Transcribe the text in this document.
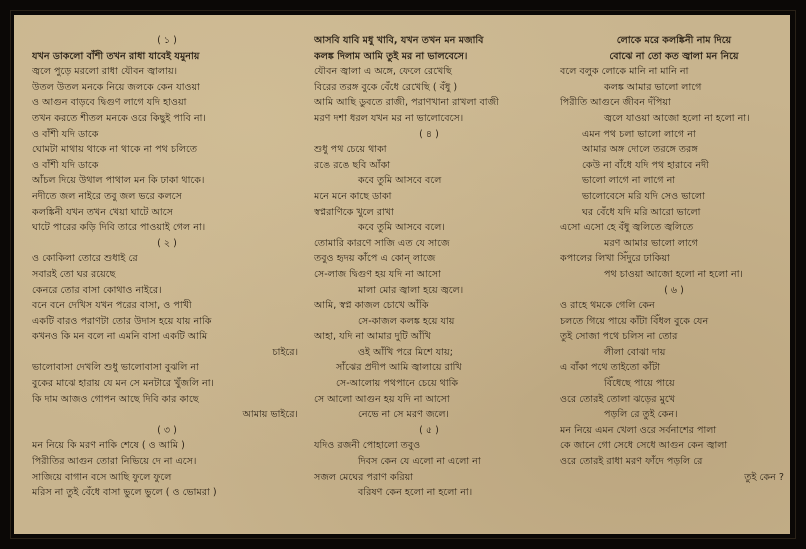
( ১ )
যখন ডাকলো বাঁশী তখন রাধা যাবেই যমুনায়
জ্বলে পুড়ে মরলো রাধা যৌবন জ্বালায়।
উতল উতল মনকে নিয়ে জলকে কেন যাওয়া
ও আগুন বাড়বে দ্বিগুণ লাগে যদি হাওয়া
তখন করতে শীতল মনকে ওরে কিছুই পাবি না।
ও বাঁশী যদি ডাকে
ঘোমটা মাথায় থাকে না থাকে না পথ চলিতে
ও বাঁশী যদি ডাকে
আঁচল দিয়ে উথাল পাথাল মন কি ঢাকা থাকে।
নদীতে জল নাইরে তবু জল ভরে কলসে
কলঙ্কিনী যখন তখন খেয়া ঘাটে আসে
ঘাটে পারের কড়ি দিবি তারে পাওয়াই গেল না।
( ২ )
ও কোকিলা তোরে শুধাই রে
সবারই তো ঘর রয়েছে
কেনরে তোর বাসা কোথাও নাইরে।
বনে বনে দেখিস যখন পরের বাসা, ও পাখী
একটি বারও পরাণটা তোর উদাস হয়ে যায় নাকি
কখনও কি মন বলে না এমনি বাসা একটি আমি
চাইরে।
ভালোবাসা দেখলি শুধু ভালোবাসা বুঝলি না
বুকের মাঝে হারায় যে মন সে মনটারে খুঁজলি না।
কি দাম আজও গোপন আছে দিবি কার কাছে
আমায় ভাইরে।
( ৩ )
মন নিয়ে কি মরণ নাকি শেষে ( ও আমি )
পিরীতির আগুন তোরা নিভিয়ে দে না এসে।
সাজিয়ে বাগান বসে আছি ফুলে ফুলে
মরিস না তুই বেঁধে বাসা ভুলে ভুলে ( ও ভোমরা )
আসবি যাবি মধু খাবি, যখন তখন মন মজাবি
কলঙ্ক দিলাম আমি তুই মর না ভালবেসে।
যৌবন জ্বালা এ অঙ্গে, ফেলে রেখেছি
বিরের তরঙ্গ বুকে বেঁধে রেখেছি ( বঁধু )
আমি আছি ডুবতে রাজী, পরাণখানা রাখলা বাজী
মরণ দশা ধরল যখন মর না ভালোবেসে।
( ৪ )
শুধু পথ চেয়ে থাকা
রঙে রঙে ছবি আঁকা
কবে তুমি আসবে বলে
মনে মনে কাছে ডাকা
স্বপ্নরাণিকে খুলে রাখা
কবে তুমি আসবে বলে।
তোমারি কারণে সাজি এত যে সাজে
তবুও হৃদয় কাঁপে এ কোন্ লাজে
সে-লাজ দ্বিগুণ হয় যদি না আসো
মালা মোর জ্বালা হয়ে জ্বলে।
আমি, স্বপ্ন কাজল চোখে আঁকি
সে-কাজল কলঙ্ক হয়ে যায়
আহা, যদি না আমার দুটি আঁখি
ওই আঁখি পরে মিশে যায়;
সাঁঝের প্রদীপ আমি জ্বালায়ে রাখি
সে-আলোয় পথপানে চেয়ে থাকি
সে আলো আগুন হয় যদি না আসো
নেভে না সে মরণ জলে।
( ৫ )
যদিও রজনী পোহালো তবুও
দিবস কেন যে এলো না এলো না
সজল মেঘের পরাণ করিয়া
বরিষণ কেন হলো না হলো না।
লোকে মরে কলঙ্কিনী নাম দিয়ে
বোঝে না তো কত জ্বালা মন নিয়ে
বলে বলুক লোকে মানি না মানি না
কলঙ্ক আমার ভালো লাগে
পিরীতি আগুনে জীবন দঁপিয়া
জ্বলে যাওয়া আজো হলো না হলো না।
এমন পথ চলা ভালো লাগে না
আমার অঙ্গ দোলে তরঙ্গে তরঙ্গ
কেউ না বাঁধে যদি পথ হারাবে নদী
ভালো লাগে না লাগে না
ভালোবেসে মরি যদি সেও ভালো
ঘর বেঁধে যদি মরি আরো ভালো
এসো এসো হে বঁধু জ্বলিতে জ্বলিতে
মরণ আমার ভালো লাগে
কপালের লিখা সিঁদুরে ঢাকিয়া
পথ চাওয়া আজো হলো না হলো না।
( ৬ )
ও রাহে থমকে গেলি কেন
চলতে গিয়ে পায়ে কাঁটা বিঁধল বুকে যেন
তুই সোজা পথে চলিস না তোর
লীলা বোঝা দায়
এ বাঁকা পথে তাইতো কাঁটা
বিঁধেছে পায়ে পায়ে
ওরে তোরই তোলা ঝড়ের মুখে
পড়লি রে তুই কেন।
মন নিয়ে এমন খেলা ওরে সর্বনাশের পালা
কে জানে গো সেধে সেধে আগুন কেন জ্বালা
ওরে তোরই রাধা মরণ ফাঁদে পড়লি রে
তুই কেন ?
